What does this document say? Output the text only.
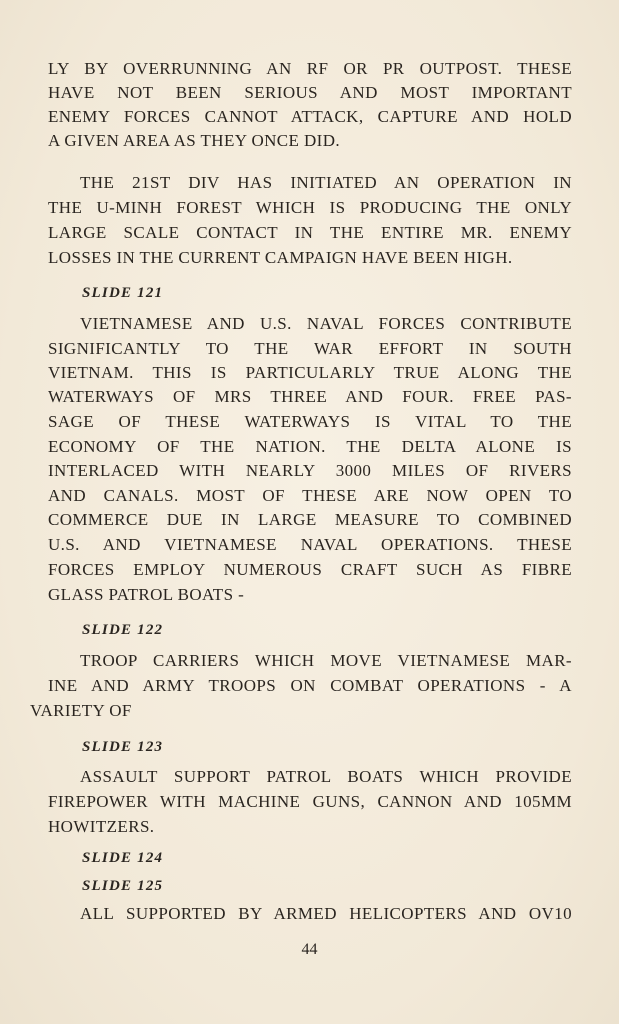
LY BY OVERRUNNING AN RF OR PR OUTPOST. THESE
HAVE NOT BEEN SERIOUS AND MOST IMPORTANT
ENEMY FORCES CANNOT ATTACK, CAPTURE AND HOLD
A GIVEN AREA AS THEY ONCE DID.
THE 21ST DIV HAS INITIATED AN OPERATION IN
THE U-MINH FOREST WHICH IS PRODUCING THE ONLY
LARGE SCALE CONTACT IN THE ENTIRE MR. ENEMY
LOSSES IN THE CURRENT CAMPAIGN HAVE BEEN HIGH.
SLIDE 121
VIETNAMESE AND U.S. NAVAL FORCES CONTRIBUTE
SIGNIFICANTLY TO THE WAR EFFORT IN SOUTH
VIETNAM. THIS IS PARTICULARLY TRUE ALONG THE
WATERWAYS OF MRS THREE AND FOUR. FREE PAS-
SAGE OF THESE WATERWAYS IS VITAL TO THE
ECONOMY OF THE NATION. THE DELTA ALONE IS
INTERLACED WITH NEARLY 3000 MILES OF RIVERS
AND CANALS. MOST OF THESE ARE NOW OPEN TO
COMMERCE DUE IN LARGE MEASURE TO COMBINED
U.S. AND VIETNAMESE NAVAL OPERATIONS. THESE
FORCES EMPLOY NUMEROUS CRAFT SUCH AS FIBRE
GLASS PATROL BOATS -
SLIDE 122
TROOP CARRIERS WHICH MOVE VIETNAMESE MAR-
INE AND ARMY TROOPS ON COMBAT OPERATIONS - A
VARIETY OF
SLIDE 123
ASSAULT SUPPORT PATROL BOATS WHICH PROVIDE
FIREPOWER WITH MACHINE GUNS, CANNON AND 105MM
HOWITZERS.
SLIDE 124
SLIDE 125
ALL SUPPORTED BY ARMED HELICOPTERS AND OV10
44
